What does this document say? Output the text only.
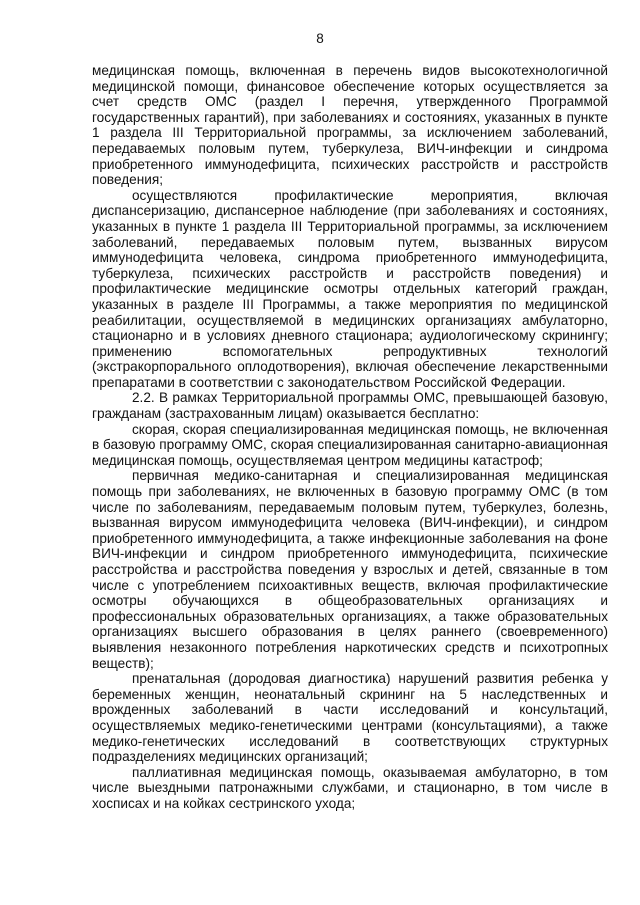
8

медицинская помощь, включенная в перечень видов высокотехнологичной медицинской помощи, финансовое обеспечение которых осуществляется за счет средств ОМС (раздел I перечня, утвержденного Программой государственных гарантий), при заболеваниях и состояниях, указанных в пункте 1 раздела III Территориальной программы, за исключением заболеваний, передаваемых половым путем, туберкулеза, ВИЧ-инфекции и синдрома приобретенного иммунодефицита, психических расстройств и расстройств поведения;

осуществляются профилактические мероприятия, включая диспансеризацию, диспансерное наблюдение (при заболеваниях и состояниях, указанных в пункте 1 раздела III Территориальной программы, за исключением заболеваний, передаваемых половым путем, вызванных вирусом иммунодефицита человека, синдрома приобретенного иммунодефицита, туберкулеза, психических расстройств и расстройств поведения) и профилактические медицинские осмотры отдельных категорий граждан, указанных в разделе III Программы, а также мероприятия по медицинской реабилитации, осуществляемой в медицинских организациях амбулаторно, стационарно и в условиях дневного стационара; аудиологическому скринингу; применению вспомогательных репродуктивных технологий (экстракорпорального оплодотворения), включая обеспечение лекарственными препаратами в соответствии с законодательством Российской Федерации.

2.2. В рамках Территориальной программы ОМС, превышающей базовую, гражданам (застрахованным лицам) оказывается бесплатно:

скорая, скорая специализированная медицинская помощь, не включенная в базовую программу ОМС, скорая специализированная санитарно-авиационная медицинская помощь, осуществляемая центром медицины катастроф;

первичная медико-санитарная и специализированная медицинская помощь при заболеваниях, не включенных в базовую программу ОМС (в том числе по заболеваниям, передаваемым половым путем, туберкулез, болезнь, вызванная вирусом иммунодефицита человека (ВИЧ-инфекции), и синдром приобретенного иммунодефицита, а также инфекционные заболевания на фоне ВИЧ-инфекции и синдром приобретенного иммунодефицита, психические расстройства и расстройства поведения у взрослых и детей, связанные в том числе с употреблением психоактивных веществ, включая профилактические осмотры обучающихся в общеобразовательных организациях и профессиональных образовательных организациях, а также образовательных организациях высшего образования в целях раннего (своевременного) выявления незаконного потребления наркотических средств и психотропных веществ);

пренатальная (дородовая диагностика) нарушений развития ребенка у беременных женщин, неонатальный скрининг на 5 наследственных и врожденных заболеваний в части исследований и консультаций, осуществляемых медико-генетическими центрами (консультациями), а также медико-генетических исследований в соответствующих структурных подразделениях медицинских организаций;

паллиативная медицинская помощь, оказываемая амбулаторно, в том числе выездными патронажными службами, и стационарно, в том числе в хосписах и на койках сестринского ухода;
